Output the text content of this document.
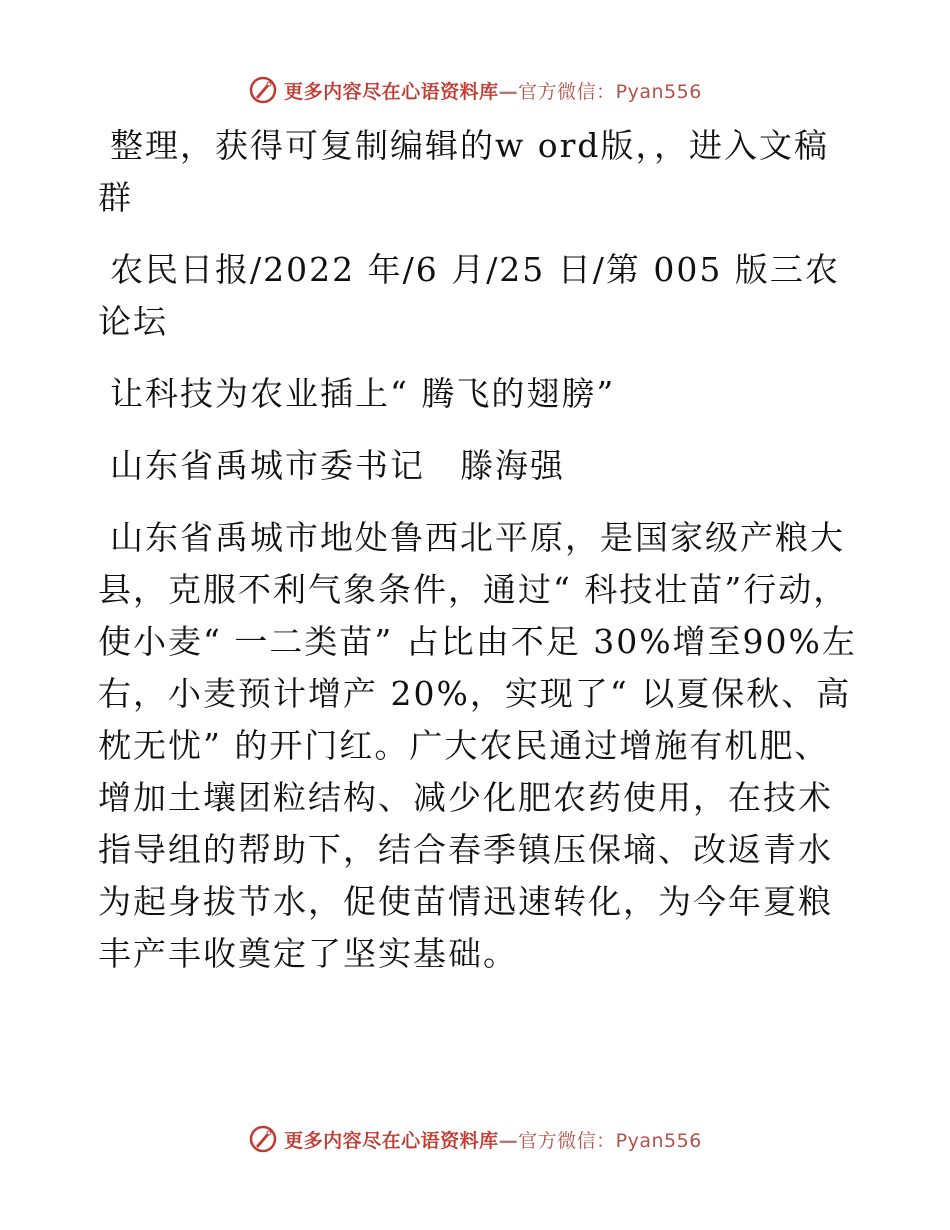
更多内容尽在心语资料库—官方微信：Pyan556

整理，获得可复制编辑的w ord版，，进入文稿群

农民日报/2022 年/6 月/25 日/第 005 版三农论坛

让科技为农业插上“ 腾飞的翅膀”

山东省禹城市委书记　滕海强

山东省禹城市地处鲁西北平原，是国家级产粮大县，克服不利气象条件，通过“ 科技壮苗”行动，使小麦“ 一二类苗” 占比由不足 30%增至90%左右，小麦预计增产 20%，实现了“ 以夏保秋、高枕无忧” 的开门红。广大农民通过增施有机肥、增加土壤团粒结构、减少化肥农药使用，在技术指导组的帮助下，结合春季镇压保墒、改返青水为起身拔节水，促使苗情迅速转化，为今年夏粮丰产丰收奠定了坚实基础。

更多内容尽在心语资料库—官方微信：Pyan556
